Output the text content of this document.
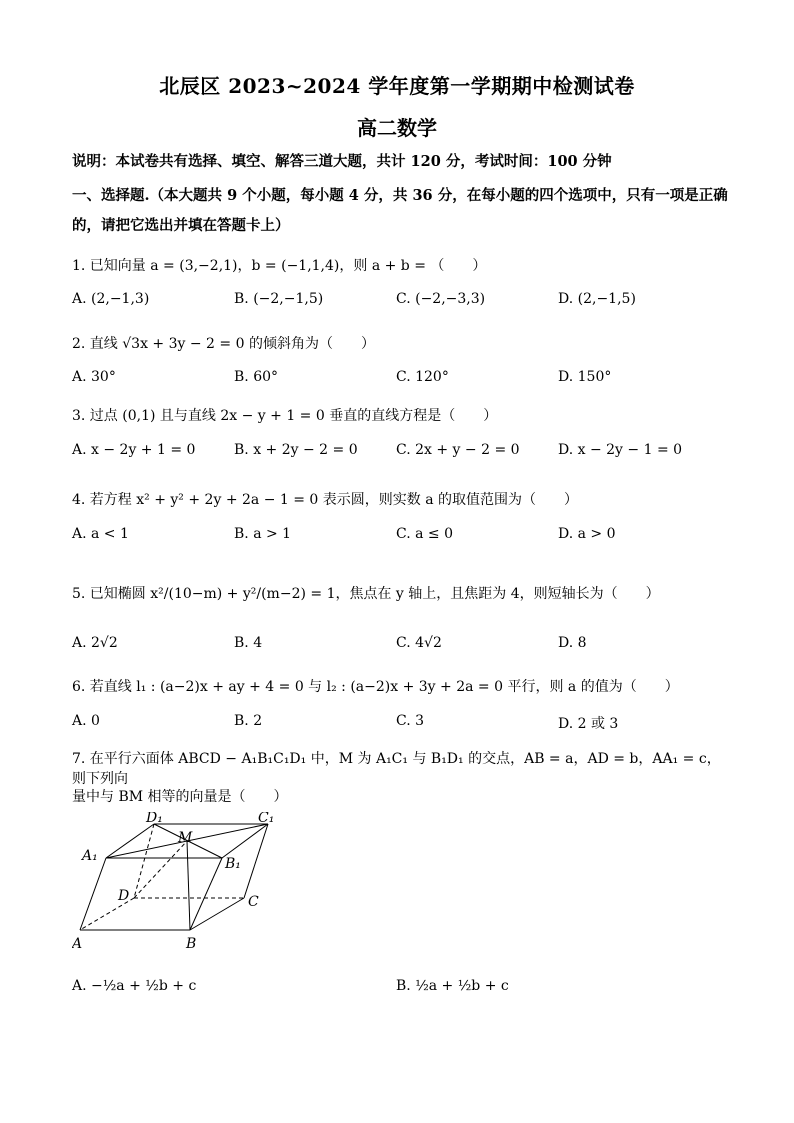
北辰区 2023~2024 学年度第一学期期中检测试卷
高二数学
说明：本试卷共有选择、填空、解答三道大题，共计 120 分，考试时间：100 分钟
一、选择题.（本大题共 9 个小题，每小题 4 分，共 36 分，在每小题的四个选项中，只有一项是正确的，请把它选出并填在答题卡上）
1. 已知向量 a = (3,−2,1)，b = (−1,1,4)，则 a + b = （　　）
A. (2,−1,3)	B. (−2,−1,5)	C. (−2,−3,3)	D. (2,−1,5)
2. 直线 √3x + 3y − 2 = 0 的倾斜角为（　　）
A. 30°	B. 60°	C. 120°	D. 150°
3. 过点 (0,1) 且与直线 2x − y + 1 = 0 垂直的直线方程是（　　）
A. x − 2y + 1 = 0	B. x + 2y − 2 = 0	C. 2x + y − 2 = 0	D. x − 2y − 1 = 0
4. 若方程 x² + y² + 2y + 2a − 1 = 0 表示圆，则实数 a 的取值范围为（　　）
A. a < 1	B. a > 1	C. a ≤ 0	D. a > 0
5. 已知椭圆 x²/(10−m) + y²/(m−2) = 1，焦点在 y 轴上，且焦距为 4，则短轴长为（　　）
A. 2√2	B. 4	C. 4√2	D. 8
6. 若直线 l₁ : (a−2)x + ay + 4 = 0 与 l₂ : (a−2)x + 3y + 2a = 0 平行，则 a 的值为（　　）
A. 0	B. 2	C. 3	D. 2 或 3
7. 在平行六面体 ABCD − A₁B₁C₁D₁ 中，M 为 A₁C₁ 与 B₁D₁ 的交点，AB = a，AD = b，AA₁ = c，则下列向
量中与 BM 相等的向量是（　　）
D₁
M
C₁
A₁	B₁
D	C
A	B
A. −½a + ½b + c	B. ½a + ½b + c
